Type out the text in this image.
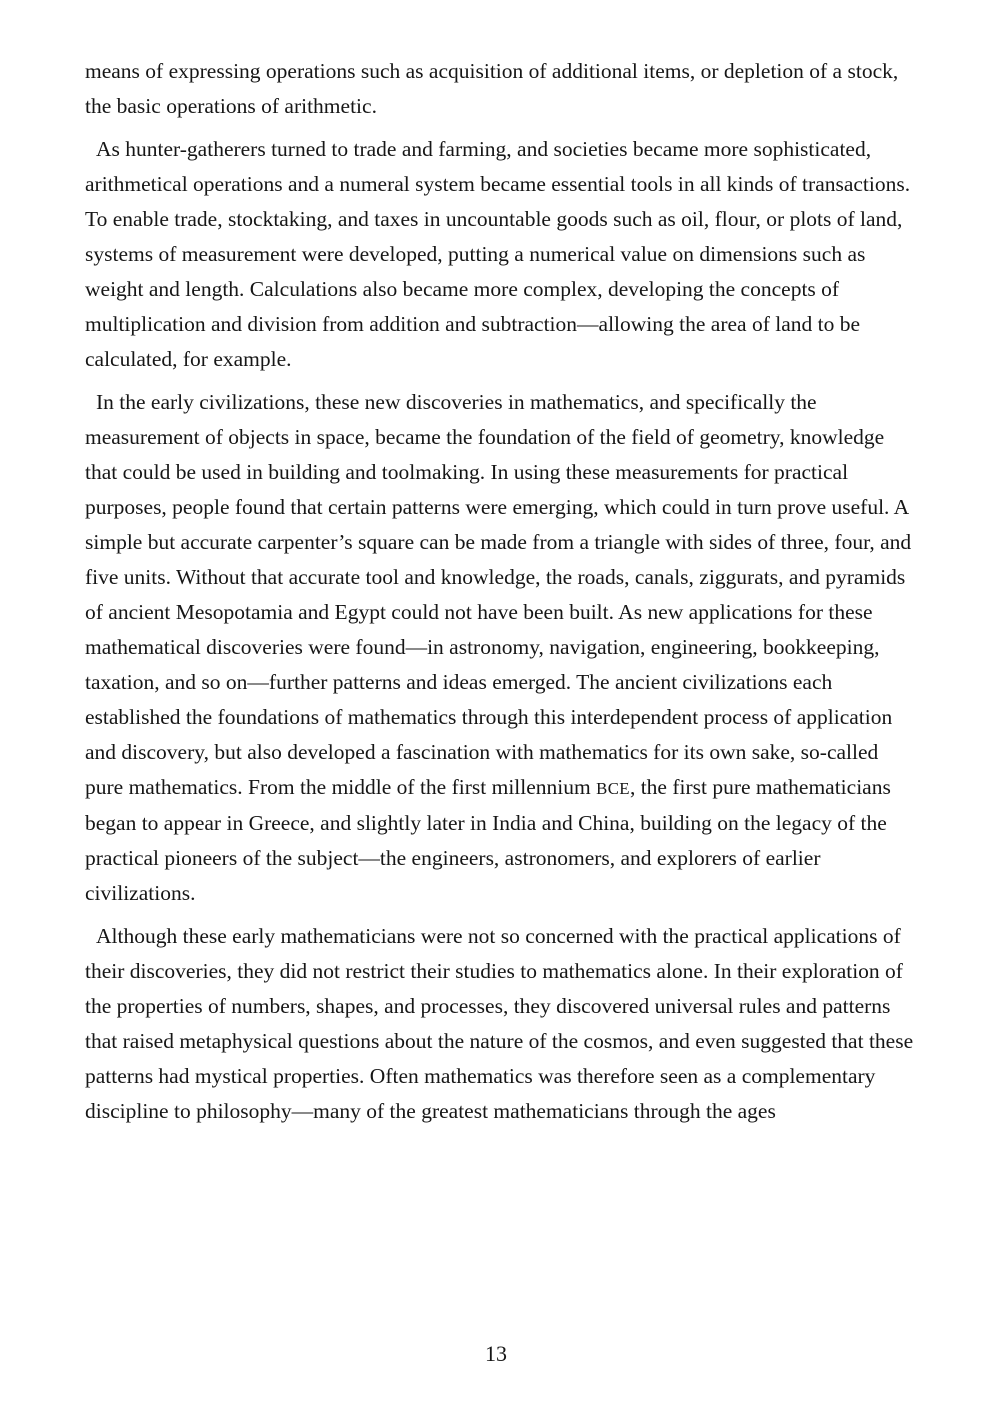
means of expressing operations such as acquisition of additional items, or depletion of a stock, the basic operations of arithmetic.

As hunter-gatherers turned to trade and farming, and societies became more sophisticated, arithmetical operations and a numeral system became essential tools in all kinds of transactions. To enable trade, stocktaking, and taxes in uncountable goods such as oil, flour, or plots of land, systems of measurement were developed, putting a numerical value on dimensions such as weight and length. Calculations also became more complex, developing the concepts of multiplication and division from addition and subtraction—allowing the area of land to be calculated, for example.

In the early civilizations, these new discoveries in mathematics, and specifically the measurement of objects in space, became the foundation of the field of geometry, knowledge that could be used in building and toolmaking. In using these measurements for practical purposes, people found that certain patterns were emerging, which could in turn prove useful. A simple but accurate carpenter’s square can be made from a triangle with sides of three, four, and five units. Without that accurate tool and knowledge, the roads, canals, ziggurats, and pyramids of ancient Mesopotamia and Egypt could not have been built. As new applications for these mathematical discoveries were found—in astronomy, navigation, engineering, bookkeeping, taxation, and so on—further patterns and ideas emerged. The ancient civilizations each established the foundations of mathematics through this interdependent process of application and discovery, but also developed a fascination with mathematics for its own sake, so-called pure mathematics. From the middle of the first millennium BCE, the first pure mathematicians began to appear in Greece, and slightly later in India and China, building on the legacy of the practical pioneers of the subject—the engineers, astronomers, and explorers of earlier civilizations.

Although these early mathematicians were not so concerned with the practical applications of their discoveries, they did not restrict their studies to mathematics alone. In their exploration of the properties of numbers, shapes, and processes, they discovered universal rules and patterns that raised metaphysical questions about the nature of the cosmos, and even suggested that these patterns had mystical properties. Often mathematics was therefore seen as a complementary discipline to philosophy—many of the greatest mathematicians through the ages

13
